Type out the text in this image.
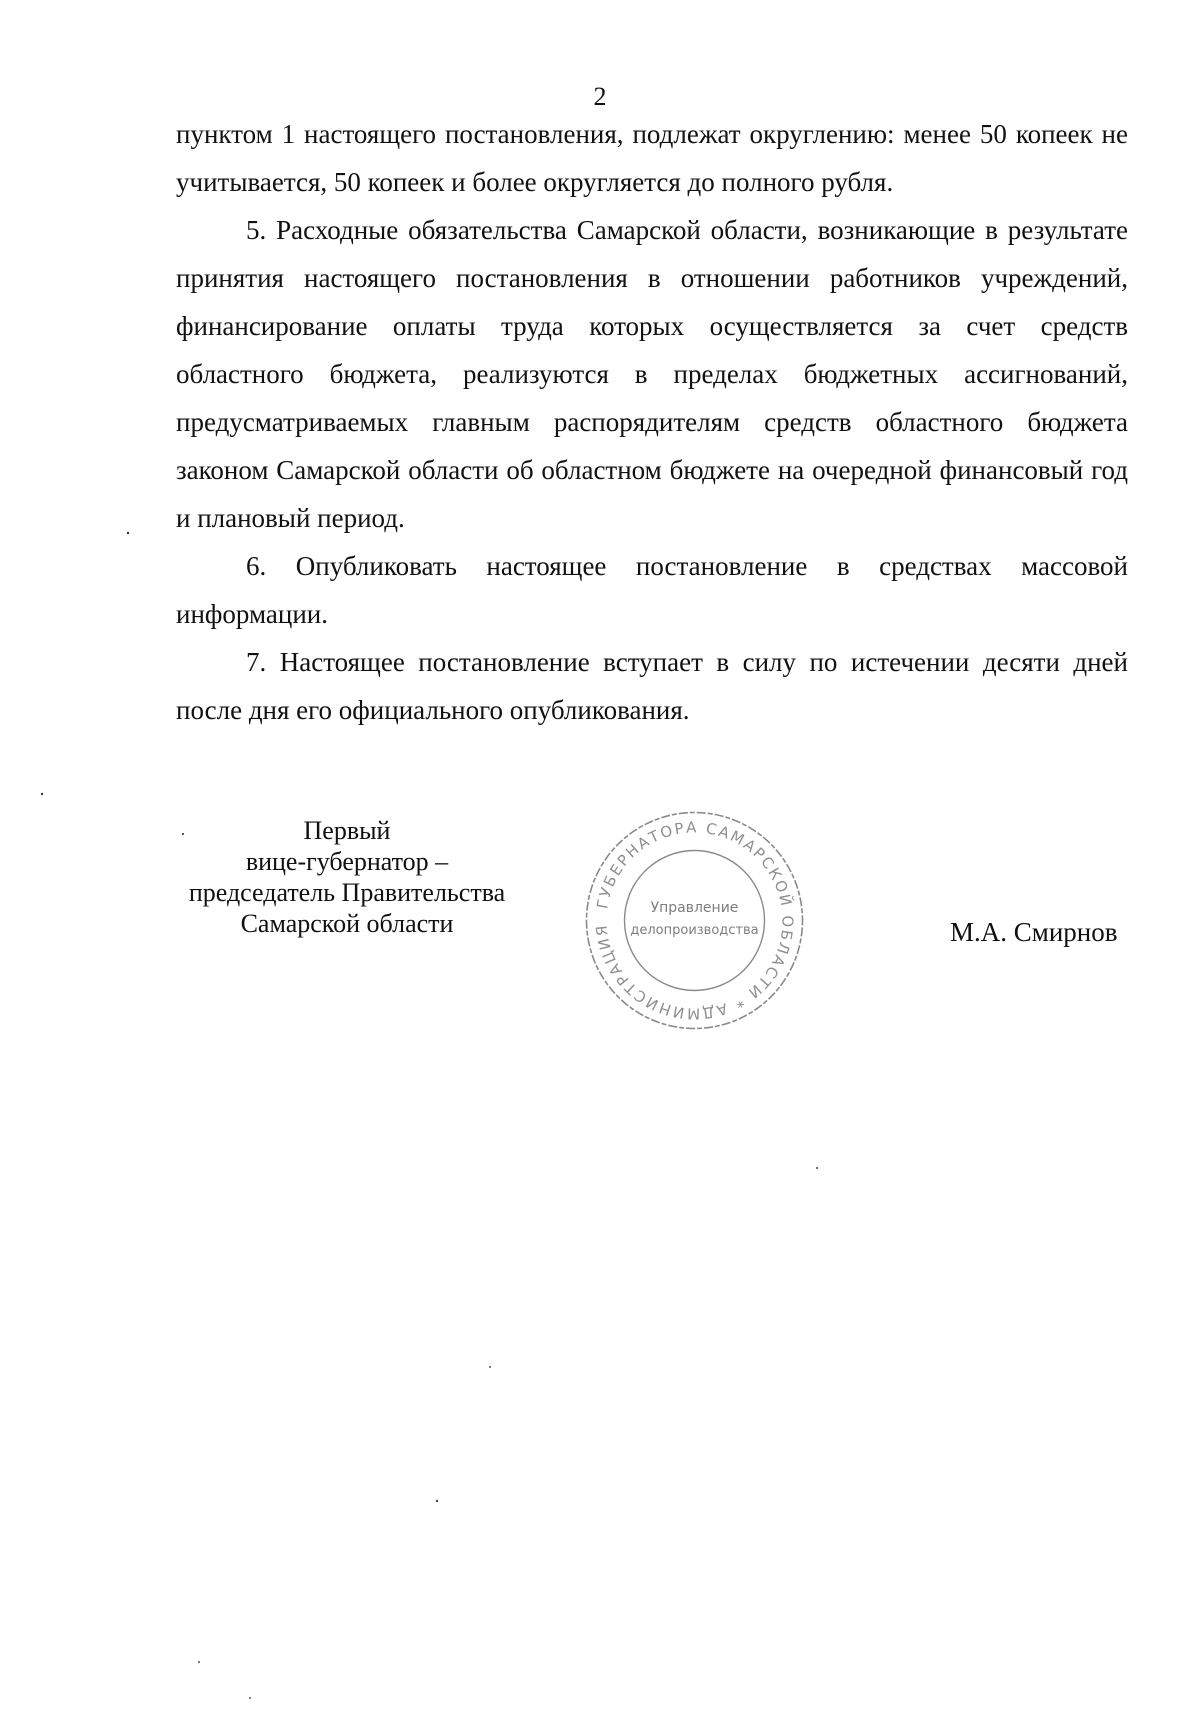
2

пунктом 1 настоящего постановления, подлежат округлению: менее 50 копеек не учитывается, 50 копеек и более округляется до полного рубля.

5. Расходные обязательства Самарской области, возникающие в результате принятия настоящего постановления в отношении работников учреждений, финансирование оплаты труда которых осуществляется за счет средств областного бюджета, реализуются в пределах бюджетных ассигнований, предусматриваемых главным распорядителям средств областного бюджета законом Самарской области об областном бюджете на очередной финансовый год и плановый период.

6. Опубликовать настоящее постановление в средствах массовой информации.

7. Настоящее постановление вступает в силу по истечении десяти дней после дня его официального опубликования.

Первый
вице-губернатор –
председатель Правительства
Самарской области
ГУБЕРНАТОРА САМАРСКОЙ ОБЛАСТИ * АДМИНИСТРАЦИЯ
Управление
делопроизводства	М.А. Смирнов
